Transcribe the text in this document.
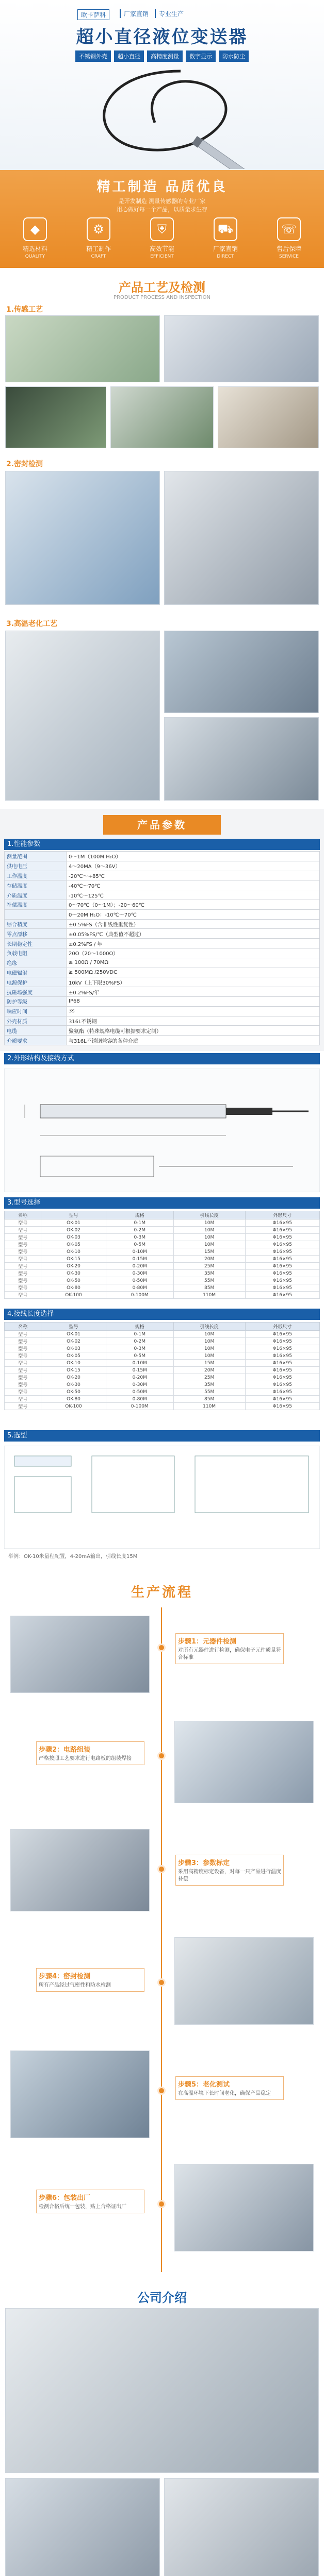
欧卡萨科	厂家直销	专业生产
超小直径液位变送器
不锈钢外壳	超小直径	高精度测量	数字显示	防水防尘
精工制造 品质优良
是开发制造 测量传感器的专业厂家
用心做好每一个产品，以质量求生存
◆
精选材料
QUALITY
⚙
精工制作
CRAFT
⛨
高效节能
EFFICIENT
⛟
厂家直销
DIRECT
☏
售后保障
SERVICE
产品工艺及检测
PRODUCT PROCESS AND INSPECTION
1.传感工艺
2.密封检测
3.高温老化工艺
产品参数
1.性能参数
测量范围	0～1M（100M H₂O）
供电电压	4～20MA（9～36V）
工作温度	-20℃～+85℃
存储温度	-40℃～70℃
介质温度	-10℃～125℃
补偿温度	0～70℃（0～1M）；-20～60℃
	0～20M H₂O：-10℃～70℃
综合精度	±0.5%FS（含非线性重复性）
零点漂移	±0.05%FS/℃（典型值不超过）
长期稳定性	±0.2%FS / 年
负载电阻	20Ω（20～1000Ω）
绝缘	≥ 100Ω / 70MΩ
电磁辐射	≥ 500MΩ /250VDC
电源保护	10kV（上下限30%FS）
抗磁场强度	±0.2%FS/年
防护等级	IP68
响应时间	3s
外壳材质	316L不锈钢
电缆	聚氨酯（特殊规格电缆可根据要求定制）
介质要求	与316L不锈钢兼容的各种介质
2.外形结构及接线方式
3.型号选择
名称	型号	规格	引线长度	外形尺寸
型号	OK-01	0-1M	10M	Φ16×95
型号	OK-02	0-2M	10M	Φ16×95
型号	OK-03	0-3M	10M	Φ16×95
型号	OK-05	0-5M	10M	Φ16×95
型号	OK-10	0-10M	15M	Φ16×95
型号	OK-15	0-15M	20M	Φ16×95
型号	OK-20	0-20M	25M	Φ16×95
型号	OK-30	0-30M	35M	Φ16×95
型号	OK-50	0-50M	55M	Φ16×95
型号	OK-80	0-80M	85M	Φ16×95
型号	OK-100	0-100M	110M	Φ16×95
4.接线长度选择
名称	型号	规格	引线长度	外形尺寸
型号	OK-01	0-1M	10M	Φ16×95
型号	OK-02	0-2M	10M	Φ16×95
型号	OK-03	0-3M	10M	Φ16×95
型号	OK-05	0-5M	10M	Φ16×95
型号	OK-10	0-10M	15M	Φ16×95
型号	OK-15	0-15M	20M	Φ16×95
型号	OK-20	0-20M	25M	Φ16×95
型号	OK-30	0-30M	35M	Φ16×95
型号	OK-50	0-50M	55M	Φ16×95
型号	OK-80	0-80M	85M	Φ16×95
型号	OK-100	0-100M	110M	Φ16×95
5.选型
举例：OK-10米量程配置，4-20mA输出，引线长度15M
生产流程
步骤1：元器件检测
对所有元器件进行检测，确保电子元件质量符合标准
步骤2：电路组装
严格按照工艺要求进行电路板的组装焊接
步骤3：参数标定
采用高精度标定设备，对每一只产品进行温度补偿
步骤4：密封检测
所有产品经过气密性和防水检测
步骤5：老化测试
在高温环境下长时间老化，确保产品稳定
步骤6：包装出厂
检测合格后统一包装，贴上合格证出厂
公司介绍
